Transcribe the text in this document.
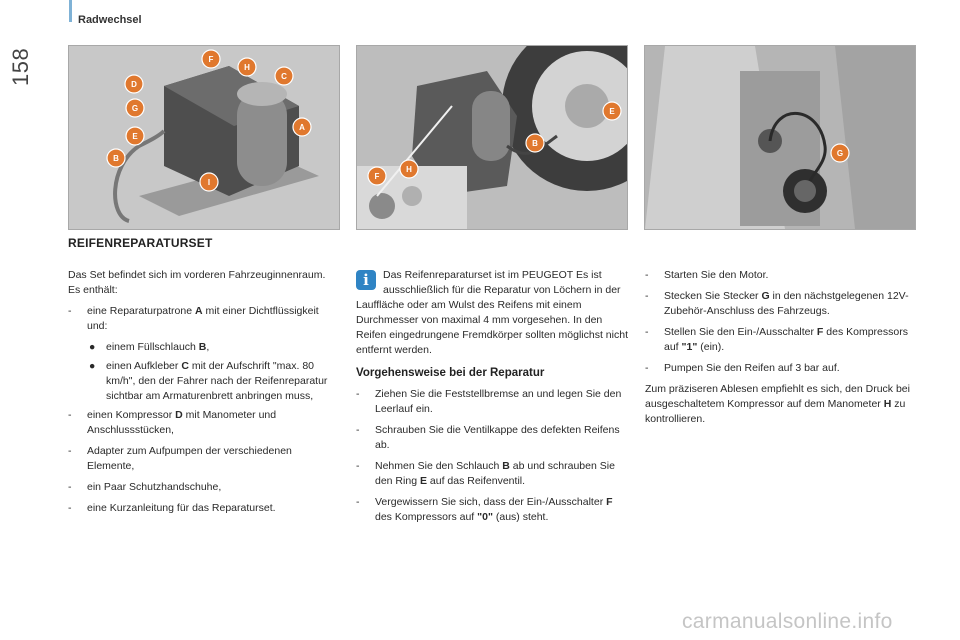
Radwechsel
158	F
H
C
D
G
A
E
B
I
E
B
H
F
G
REIFENREPARATURSET

Das Set befindet sich im vorderen Fahrzeuginnenraum. Es enthält:

- eine Reparaturpatrone A mit einer Dichtflüssigkeit und:
● einem Füllschlauch B,
● einen Aufkleber C mit der Aufschrift "max. 80 km/h", den der Fahrer nach der Reifenreparatur sichtbar am Armaturenbrett anbringen muss,
- einen Kompressor D mit Manometer und Anschlussstücken,
- Adapter zum Aufpumpen der verschiedenen Elemente,
- ein Paar Schutzhandschuhe,
- eine Kurzanleitung für das Reparaturset.
i	Das Reifenreparaturset ist im PEUGEOT Es ist ausschließlich für die Reparatur von Löchern in der Lauffläche oder am Wulst des Reifens mit einem Durchmesser von maximal 4 mm vorgesehen. In den Reifen eingedrungene Fremdkörper sollten möglichst nicht entfernt werden.

Vorgehensweise bei der Reparatur
- Ziehen Sie die Feststellbremse an und legen Sie den Leerlauf ein.
- Schrauben Sie die Ventilkappe des defekten Reifens ab.
- Nehmen Sie den Schlauch B ab und schrauben Sie den Ring E auf das Reifenventil.
- Vergewissern Sie sich, dass der Ein-/Ausschalter F des Kompressors auf "0" (aus) steht.
- Starten Sie den Motor.
- Stecken Sie Stecker G in den nächstgelegenen 12V-Zubehör-Anschluss des Fahrzeugs.
- Stellen Sie den Ein-/Ausschalter F des Kompressors auf "1" (ein).
- Pumpen Sie den Reifen auf 3 bar auf.

Zum präziseren Ablesen empfiehlt es sich, den Druck bei ausgeschaltetem Kompressor auf dem Manometer H zu kontrollieren.

carmanualsonline.info
